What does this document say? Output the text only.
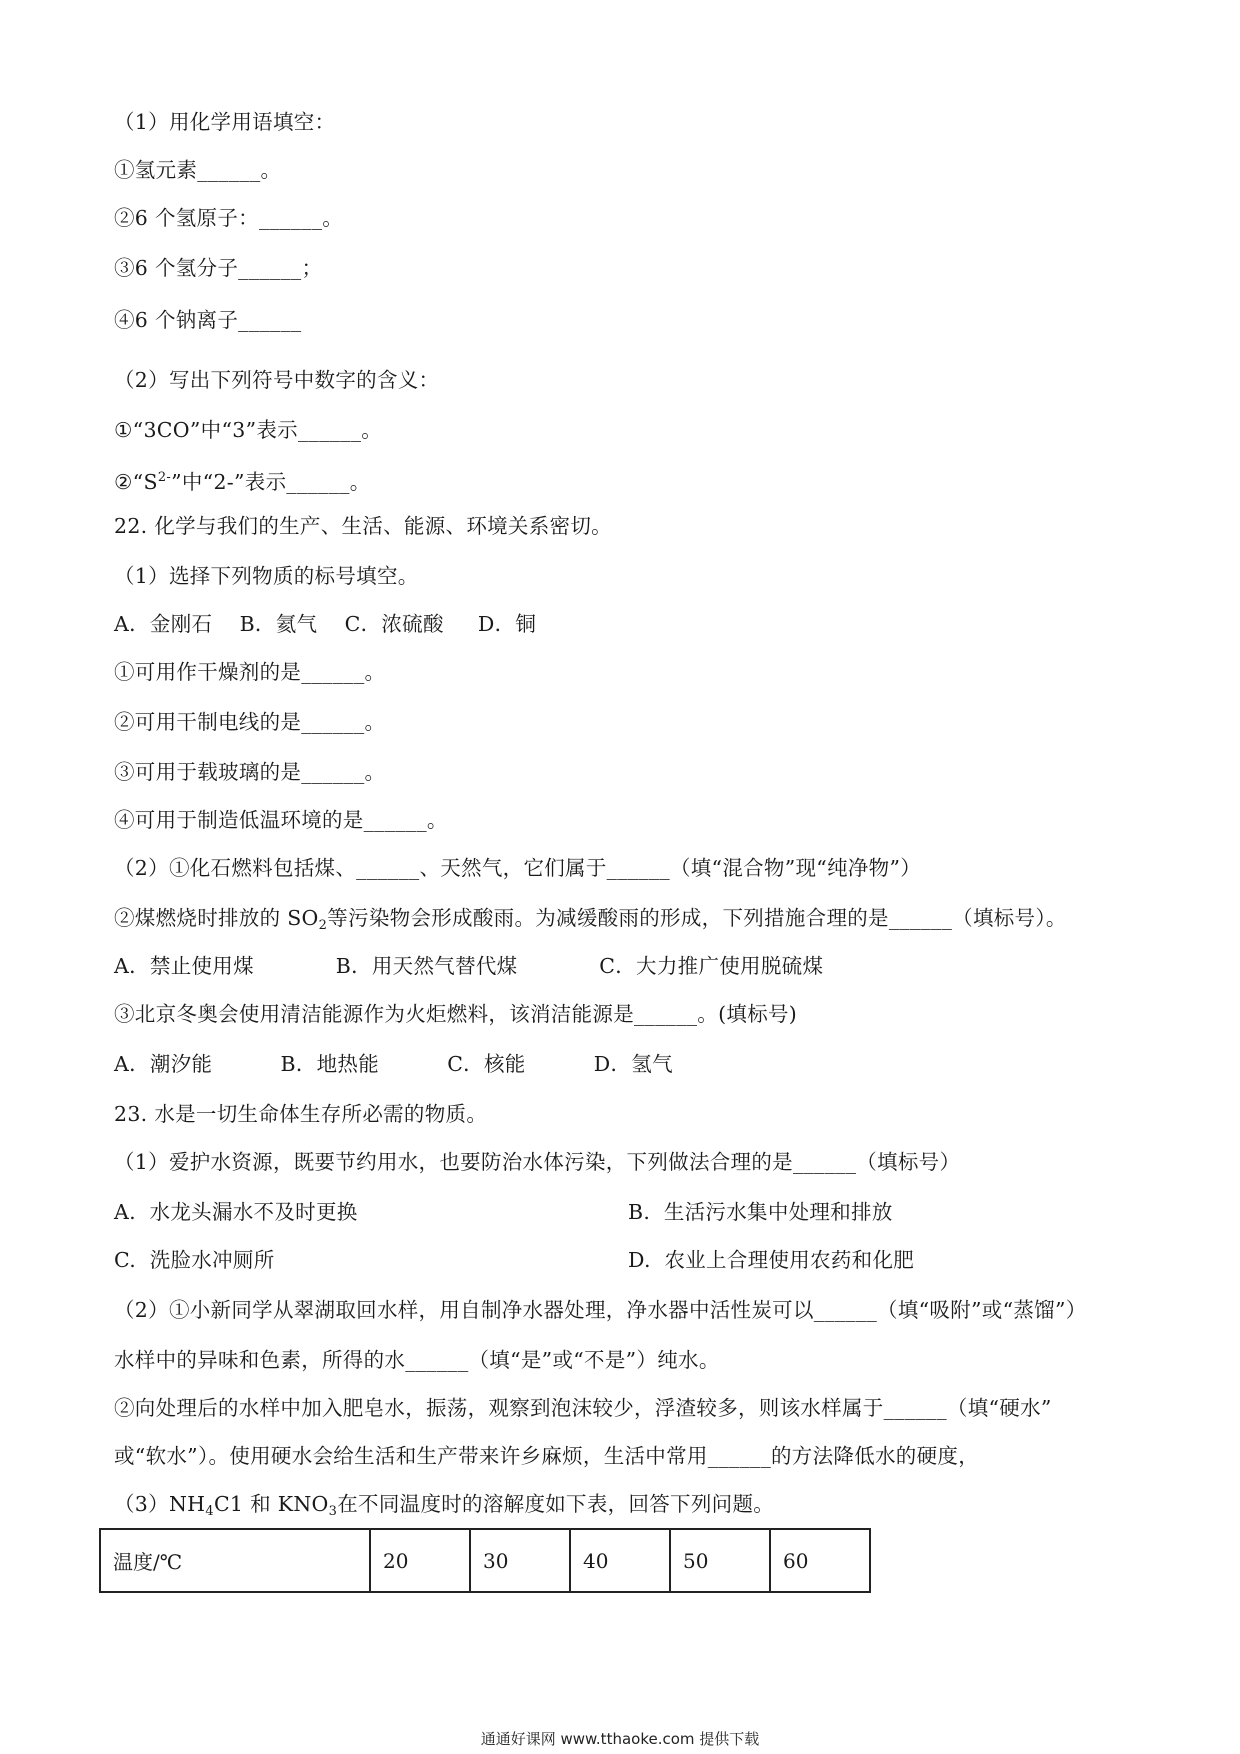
（1）用化学用语填空：
①氢元素______。
②6 个氢原子：______。
③6 个氢分子______；
④6 个钠离子______
（2）写出下列符号中数字的含义：
①“3CO”中“3”表示______。
$②“S^{2-}$”中“2-”表示______。
22. 化学与我们的生产、生活、能源、环境关系密切。
（1）选择下列物质的标号填空。
A．金刚石    B．氦气    C．浓硫酸     D．铜
①可用作干燥剂的是______。
②可用干制电线的是______。
③可用于载玻璃的是______。
④可用于制造低温环境的是______。
（2）①化石燃料包括煤、______、天然气，它们属于______（填“混合物”现“纯净物”）
②煤燃烧时排放的 $SO_2$等污染物会形成酸雨。为减缓酸雨的形成，下列措施合理的是______（填标号）。
A．禁止使用煤            B．用天然气替代煤            C．大力推广使用脱硫煤
③北京冬奥会使用清洁能源作为火炬燃料，该消洁能源是______。(填标号)
A．潮汐能          B．地热能          C．核能          D．氢气
23. 水是一切生命体生存所必需的物质。
（1）爱护水资源，既要节约用水，也要防治水体污染，下列做法合理的是______（填标号）
A.  水龙头漏水不及时更换	B.  生活污水集中处理和排放
C.  洗脸水冲厕所	D.  农业上合理使用农药和化肥
（2）①小新同学从翠湖取回水样，用自制净水器处理，净水器中活性炭可以______（填“吸附”或“蒸馏”）
水样中的异味和色素，所得的水______（填“是”或“不是”）纯水。
②向处理后的水样中加入肥皂水，振荡，观察到泡沫较少，浮渣较多，则该水样属于______（填“硬水”
或“软水”）。使用硬水会给生活和生产带来许乡麻烦，生活中常用______的方法降低水的硬度，
$(3)NH_4C1$ 和 $KNO_3$在不同温度时的溶解度如下表，回答下列问题。
温度/℃	20	30	40	50	60
通通好课网 www.tthaoke.com 提供下载
